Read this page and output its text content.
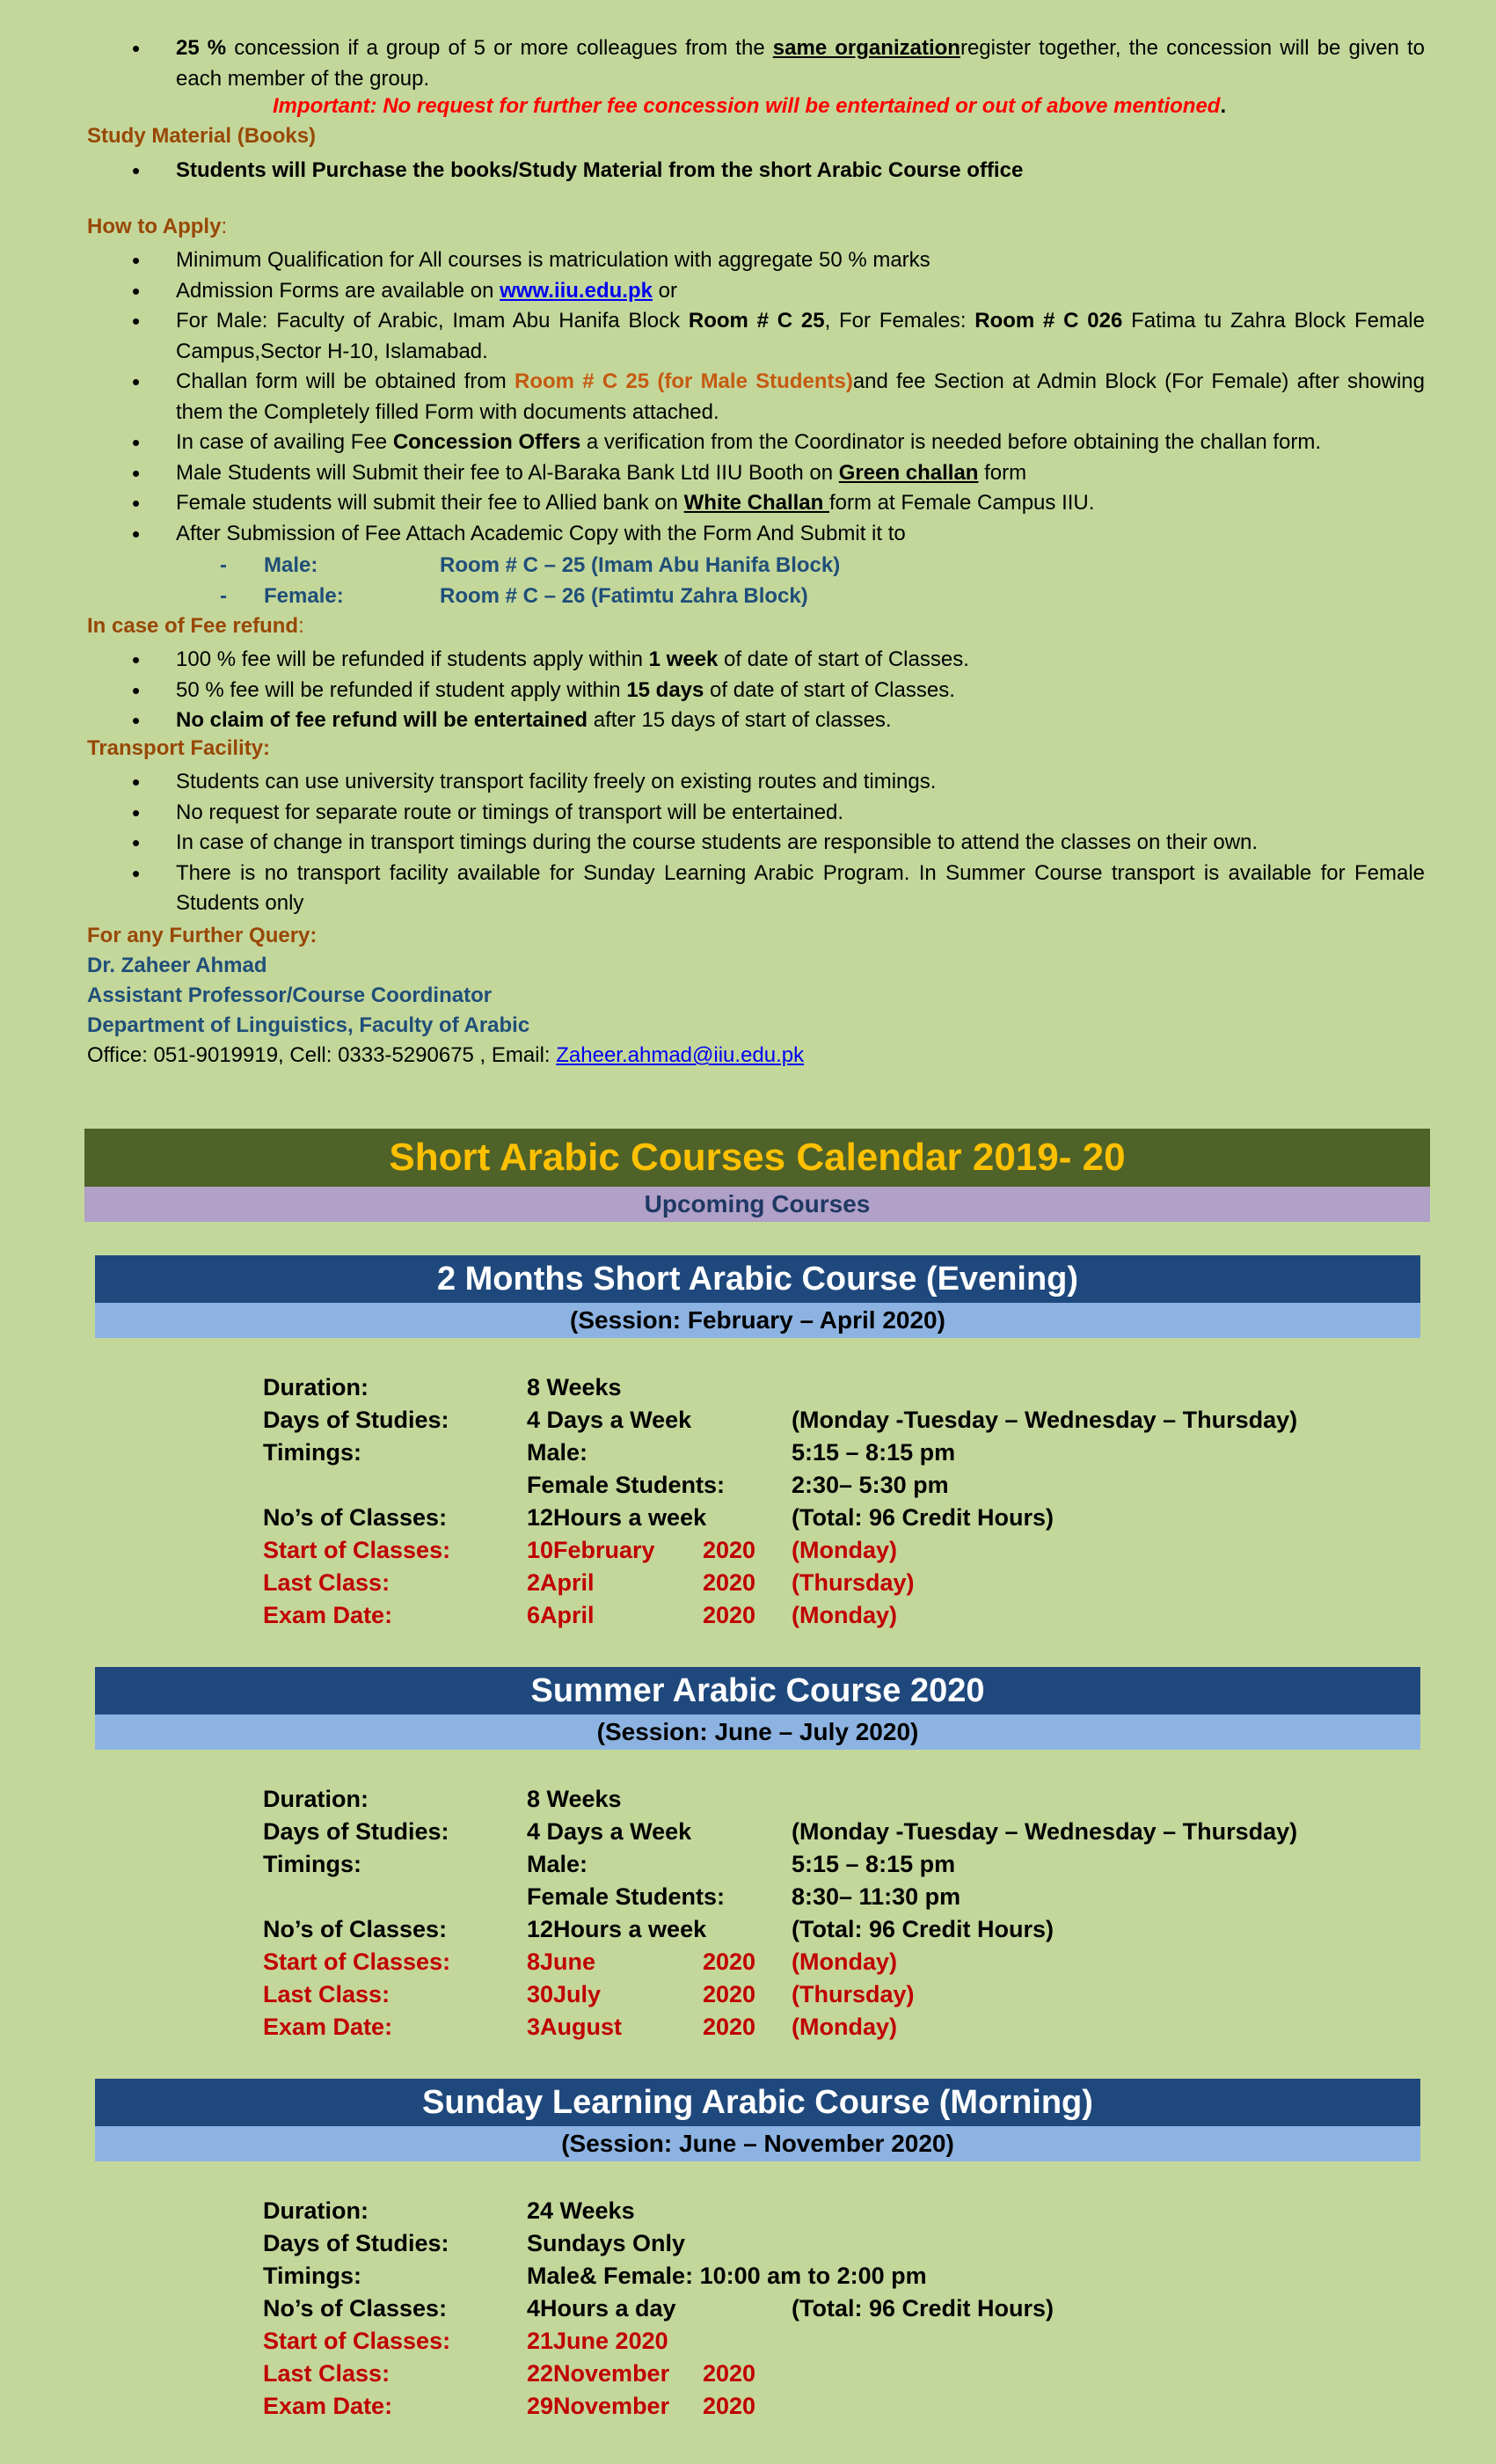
• 25 % concession if a group of 5 or more colleagues from the same organizationregister together, the concession will be given to each member of the group.
Important: No request for further fee concession will be entertained or out of above mentioned.
Study Material (Books)
• Students will Purchase the books/Study Material from the short Arabic Course office
How to Apply:
• Minimum Qualification for All courses is matriculation with aggregate 50 % marks
• Admission Forms are available on www.iiu.edu.pk or
• For Male: Faculty of Arabic, Imam Abu Hanifa Block Room # C 25, For Females: Room # C 026 Fatima tu Zahra Block Female Campus,Sector H-10, Islamabad.
• Challan form will be obtained from Room # C 25 (for Male Students)and fee Section at Admin Block (For Female) after showing them the Completely filled Form with documents attached.
• In case of availing Fee Concession Offers a verification from the Coordinator is needed before obtaining the challan form.
• Male Students will Submit their fee to Al-Baraka Bank Ltd IIU Booth on Green challan form
• Female students will submit their fee to Allied bank on White Challan form at Female Campus IIU.
• After Submission of Fee Attach Academic Copy with the Form And Submit it to
- Male:	Room # C – 25 (Imam Abu Hanifa Block)
- Female:	Room # C – 26 (Fatimtu Zahra Block)
In case of Fee refund:
• 100 % fee will be refunded if students apply within 1 week of date of start of Classes.
• 50 % fee will be refunded if student apply within 15 days of date of start of Classes.
• No claim of fee refund will be entertained after 15 days of start of classes.
Transport Facility:
• Students can use university transport facility freely on existing routes and timings.
• No request for separate route or timings of transport will be entertained.
• In case of change in transport timings during the course students are responsible to attend the classes on their own.
• There is no transport facility available for Sunday Learning Arabic Program. In Summer Course transport is available for Female Students only
For any Further Query:
Dr. Zaheer Ahmad
Assistant Professor/Course Coordinator
Department of Linguistics, Faculty of Arabic
Office: 051-9019919, Cell: 0333-5290675 , Email: Zaheer.ahmad@iiu.edu.pk
Short Arabic Courses Calendar 2019- 20
Upcoming Courses
2 Months Short Arabic Course (Evening)
(Session: February – April 2020)
Duration:	8 Weeks
Days of Studies:	4 Days a Week	(Monday -Tuesday – Wednesday – Thursday)
Timings:	Male:	5:15 – 8:15 pm
Female Students:	2:30– 5:30 pm
No’s of Classes:	12Hours a week	(Total: 96 Credit Hours)
Start of Classes:	10February 2020 (Monday)
Last Class:	2April	2020 (Thursday)
Exam Date:	6April	2020 (Monday)
Summer Arabic Course 2020
(Session: June – July 2020)
Duration:	8 Weeks
Days of Studies:	4 Days a Week	(Monday -Tuesday – Wednesday – Thursday)
Timings:	Male:	5:15 – 8:15 pm
Female Students:	8:30– 11:30 pm
No’s of Classes:	12Hours a week	(Total: 96 Credit Hours)
Start of Classes:	8June	2020 (Monday)
Last Class:	30July	2020 (Thursday)
Exam Date:	3August	2020 (Monday)
Sunday Learning Arabic Course (Morning)
(Session: June – November 2020)
Duration:	24 Weeks
Days of Studies:	Sundays Only
Timings:	Male& Female: 10:00 am to 2:00 pm
No’s of Classes:	4Hours a day	(Total: 96 Credit Hours)
Start of Classes:	21June 2020
Last Class:	22November 2020
Exam Date:	29November 2020
